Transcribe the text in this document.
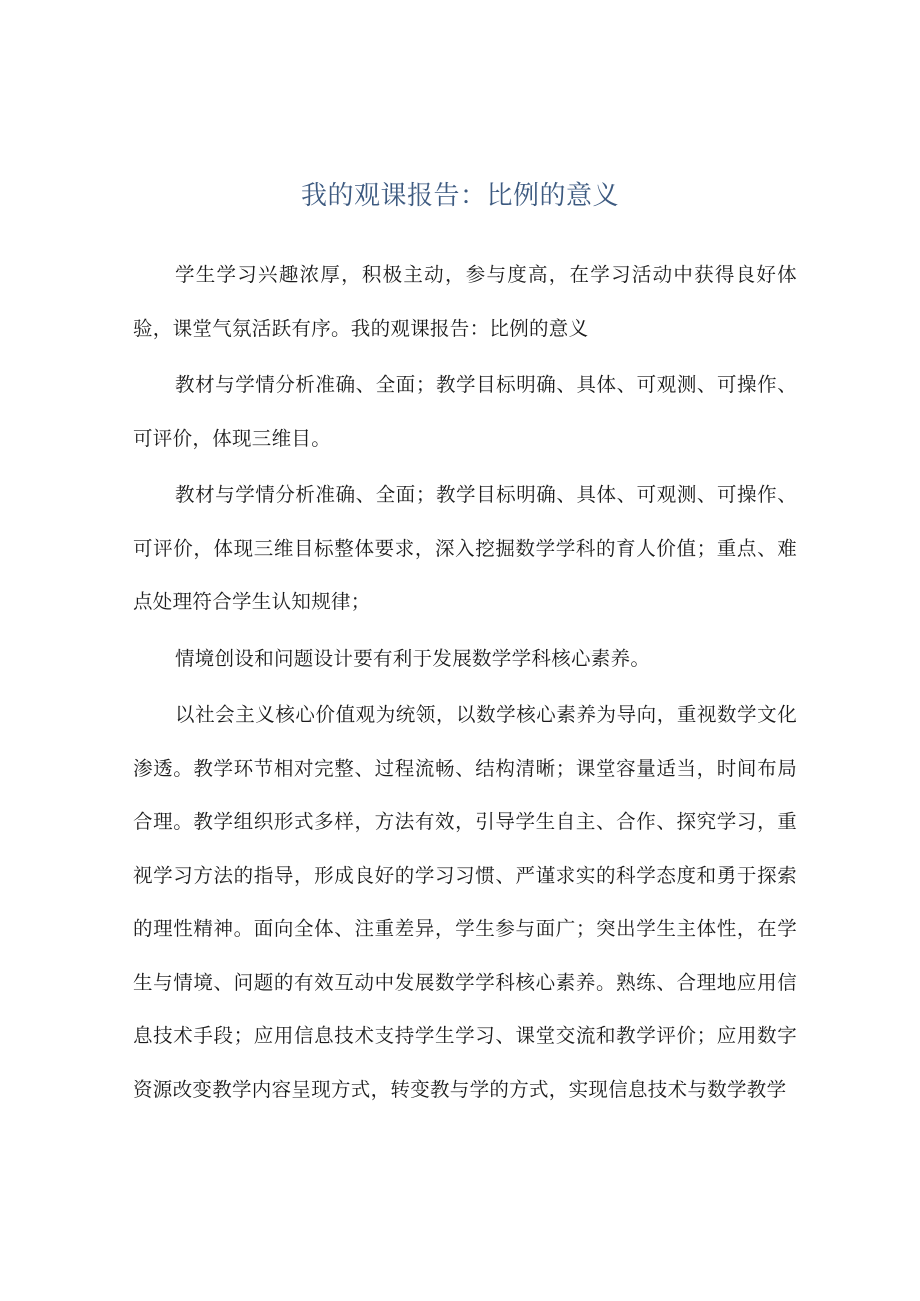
我的观课报告：比例的意义

学生学习兴趣浓厚，积极主动，参与度高，在学习活动中获得良好体验，课堂气氛活跃有序。我的观课报告：比例的意义

教材与学情分析准确、全面；教学目标明确、具体、可观测、可操作、可评价，体现三维目。

教材与学情分析准确、全面；教学目标明确、具体、可观测、可操作、可评价，体现三维目标整体要求，深入挖掘数学学科的育人价值；重点、难点处理符合学生认知规律；

情境创设和问题设计要有利于发展数学学科核心素养。

以社会主义核心价值观为统领，以数学核心素养为导向，重视数学文化渗透。教学环节相对完整、过程流畅、结构清晰；课堂容量适当，时间布局合理。教学组织形式多样，方法有效，引导学生自主、合作、探究学习，重视学习方法的指导，形成良好的学习习惯、严谨求实的科学态度和勇于探索的理性精神。面向全体、注重差异，学生参与面广；突出学生主体性，在学生与情境、问题的有效互动中发展数学学科核心素养。熟练、合理地应用信息技术手段；应用信息技术支持学生学习、课堂交流和教学评价；应用数字资源改变教学内容呈现方式，转变教与学的方式，实现信息技术与数学教学
